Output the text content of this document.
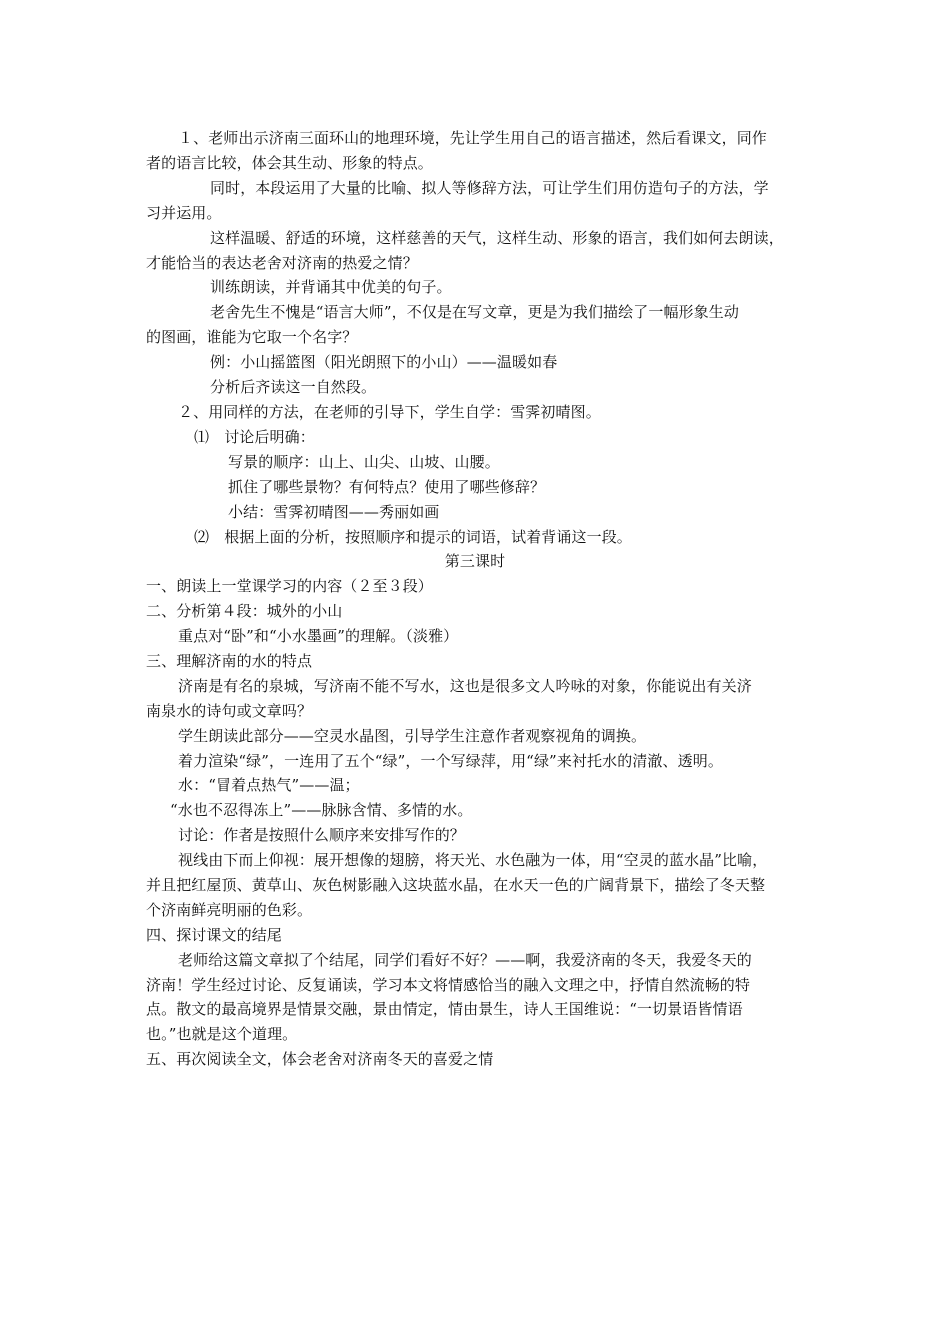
１、老师出示济南三面环山的地理环境，先让学生用自己的语言描述，然后看课文，同作
者的语言比较，体会其生动、形象的特点。
同时，本段运用了大量的比喻、拟人等修辞方法，可让学生们用仿造句子的方法，学
习并运用。
这样温暖、舒适的环境，这样慈善的天气，这样生动、形象的语言，我们如何去朗读，
才能恰当的表达老舍对济南的热爱之情？
训练朗读，并背诵其中优美的句子。
老舍先生不愧是“语言大师”，不仅是在写文章，更是为我们描绘了一幅形象生动
的图画，谁能为它取一个名字？
例：小山摇篮图（阳光朗照下的小山）——温暖如春
分析后齐读这一自然段。
２、用同样的方法，在老师的引导下，学生自学：雪霁初晴图。
⑴　讨论后明确：
写景的顺序：山上、山尖、山坡、山腰。
抓住了哪些景物？有何特点？使用了哪些修辞？
小结：雪霁初晴图——秀丽如画
⑵　根据上面的分析，按照顺序和提示的词语，试着背诵这一段。
第三课时
一、朗读上一堂课学习的内容（２至３段）
二、分析第４段：城外的小山
重点对“卧”和“小水墨画”的理解。（淡雅）
三、理解济南的水的特点
济南是有名的泉城，写济南不能不写水，这也是很多文人吟咏的对象，你能说出有关济
南泉水的诗句或文章吗？
学生朗读此部分——空灵水晶图，引导学生注意作者观察视角的调换。
着力渲染“绿”，一连用了五个“绿”，一个写绿萍，用“绿”来衬托水的清澈、透明。
水：“冒着点热气”——温；
“水也不忍得冻上”——脉脉含情、多情的水。
讨论：作者是按照什么顺序来安排写作的？
视线由下而上仰视：展开想像的翅膀，将天光、水色融为一体，用“空灵的蓝水晶”比喻，
并且把红屋顶、黄草山、灰色树影融入这块蓝水晶，在水天一色的广阔背景下，描绘了冬天整
个济南鲜亮明丽的色彩。
四、探讨课文的结尾
老师给这篇文章拟了个结尾，同学们看好不好？——啊，我爱济南的冬天，我爱冬天的
济南！学生经过讨论、反复诵读，学习本文将情感恰当的融入文理之中，抒情自然流畅的特
点。散文的最高境界是情景交融，景由情定，情由景生，诗人王国维说：“一切景语皆情语
也。”也就是这个道理。
五、再次阅读全文，体会老舍对济南冬天的喜爱之情
